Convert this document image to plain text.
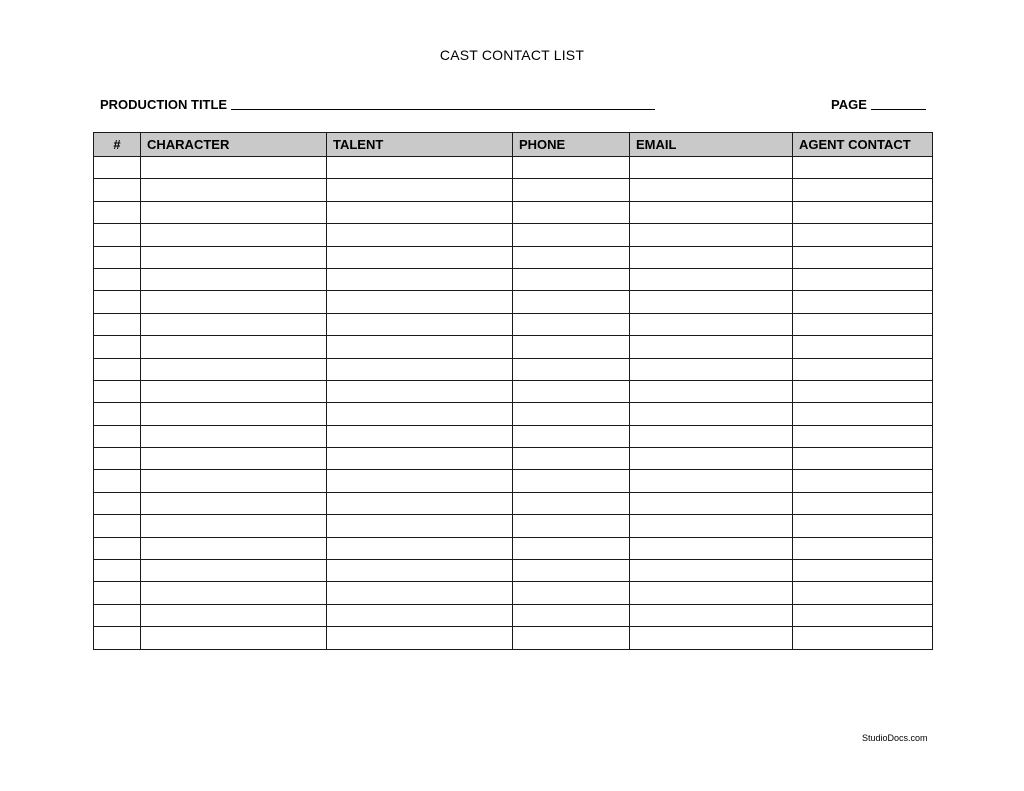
CAST CONTACT LIST
PRODUCTION TITLE	PAGE
#	CHARACTER	TALENT	PHONE	EMAIL	AGENT CONTACT

StudioDocs.com
